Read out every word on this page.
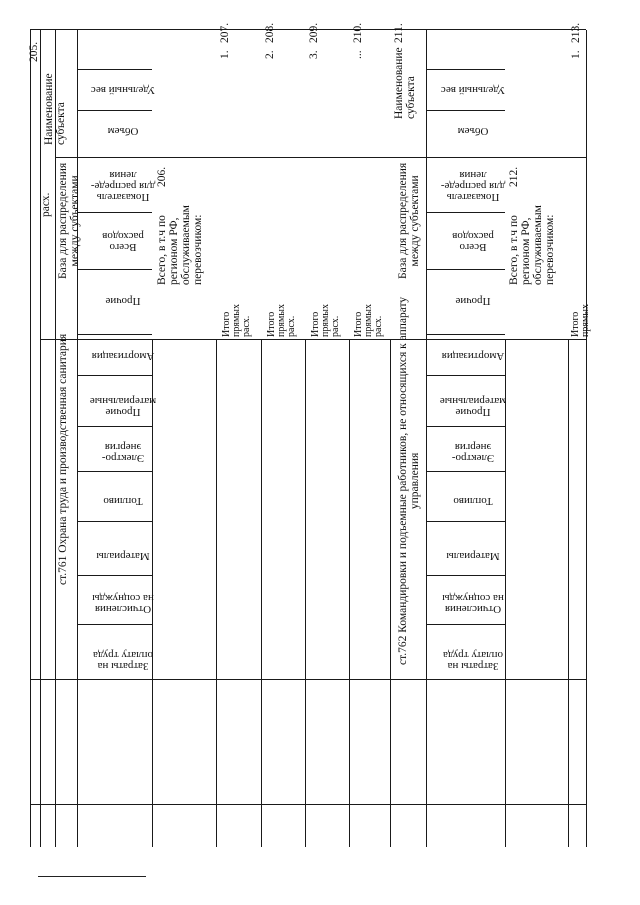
205.
Наименование
субъекта
расх.
ст.761 Охрана труда и производственная санитария
База для распределения
между субъектами
Затраты на
оплату труда
Отчисления
на соцнужды
Материалы
Топливо
Электро-
энергия
Прочие
материальные
Амортизация
Прочие
Всего
расходов
Показатель
для распреде-
ления
Объем
Удельный вес
206.
Всего, в т.ч по
регионом РФ,
обслуживаемым
перевозчиком:
207.
1.
Итого
прямых
расх.
208.
2.
Итого
прямых
расх.
209.
3.
Итого
прямых
расх.
210.
...
Итого
прямых
расх.
211.
Наименование
субъекта
ст.762 Командировки и подъемные работников, не относящихся к аппарату
управления
База для распределения
между субъектами
Затраты на
оплату труда
Отчисления
на соцнужды
Материалы
Топливо
Электро-
энергия
Прочие
материальные
Амортизация
Прочие
Всего
расходов
Показатель
для распреде-
ления
Объем
Удельный вес
212.
Всего, в т.ч по
регионом РФ,
обслуживаемым
перевозчиком:
213.
1.
Итого
прямых
